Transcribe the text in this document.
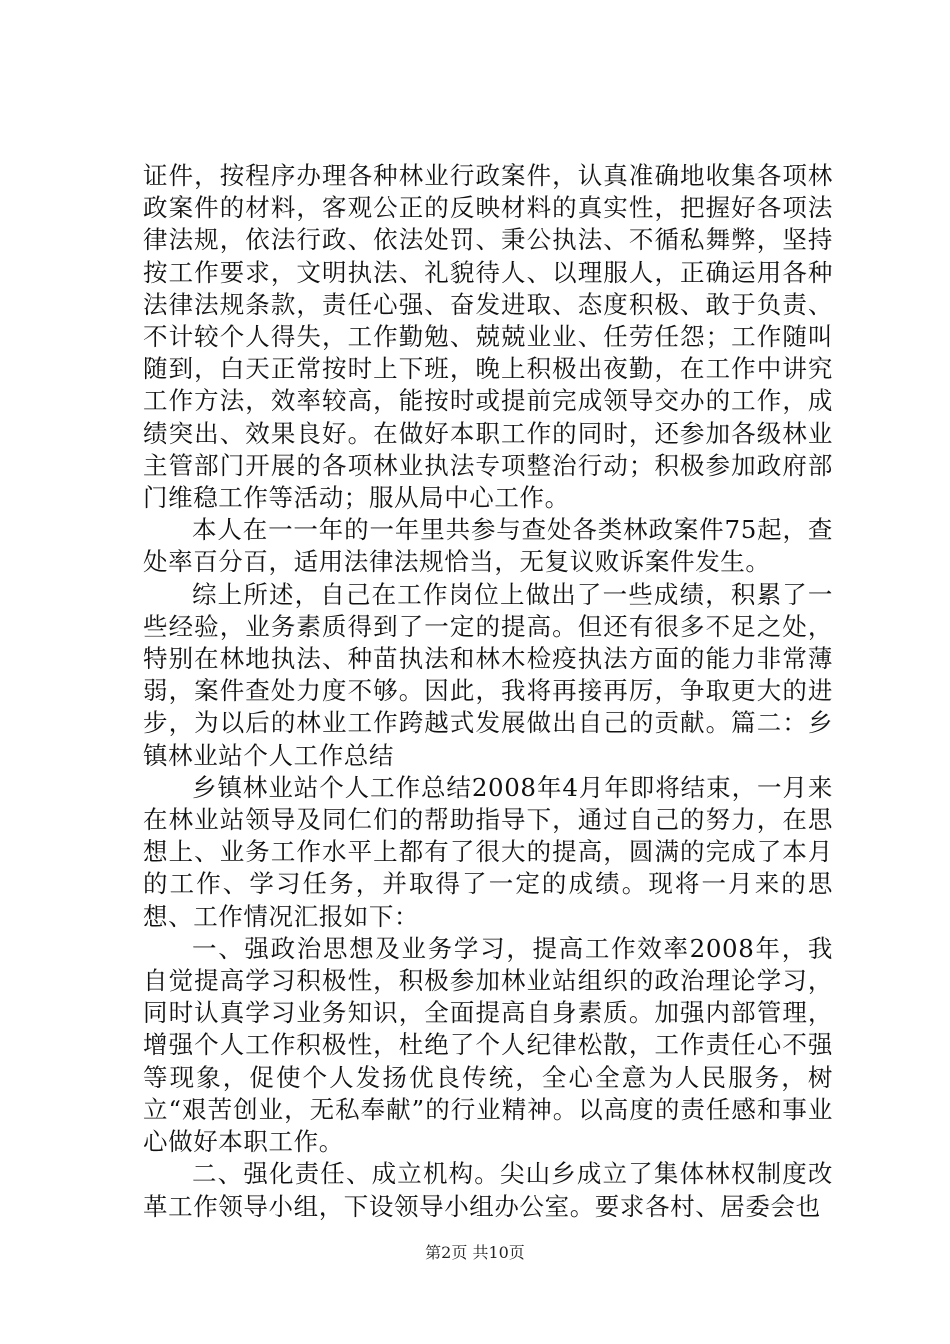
证件，按程序办理各种林业行政案件，认真准确地收集各项林政案件的材料，客观公正的反映材料的真实性，把握好各项法律法规，依法行政、依法处罚、秉公执法、不循私舞弊，坚持按工作要求，文明执法、礼貌待人、以理服人，正确运用各种法律法规条款，责任心强、奋发进取、态度积极、敢于负责、不计较个人得失，工作勤勉、兢兢业业、任劳任怨；工作随叫随到，白天正常按时上下班，晚上积极出夜勤，在工作中讲究工作方法，效率较高，能按时或提前完成领导交办的工作，成绩突出、效果良好。在做好本职工作的同时，还参加各级林业主管部门开展的各项林业执法专项整治行动；积极参加政府部门维稳工作等活动；服从局中心工作。

本人在一一年的一年里共参与查处各类林政案件75起，查处率百分百，适用法律法规恰当，无复议败诉案件发生。

综上所述，自己在工作岗位上做出了一些成绩，积累了一些经验，业务素质得到了一定的提高。但还有很多不足之处，特别在林地执法、种苗执法和林木检疫执法方面的能力非常薄弱，案件查处力度不够。因此，我将再接再厉，争取更大的进步，为以后的林业工作跨越式发展做出自己的贡献。篇二：乡镇林业站个人工作总结

乡镇林业站个人工作总结2008年4月年即将结束，一月来在林业站领导及同仁们的帮助指导下，通过自己的努力，在思想上、业务工作水平上都有了很大的提高，圆满的完成了本月的工作、学习任务，并取得了一定的成绩。现将一月来的思想、工作情况汇报如下：

一、强政治思想及业务学习，提高工作效率2008年，我自觉提高学习积极性，积极参加林业站组织的政治理论学习，同时认真学习业务知识，全面提高自身素质。加强内部管理，增强个人工作积极性，杜绝了个人纪律松散，工作责任心不强等现象，促使个人发扬优良传统，全心全意为人民服务，树立“艰苦创业，无私奉献”的行业精神。以高度的责任感和事业心做好本职工作。

二、强化责任、成立机构。尖山乡成立了集体林权制度改革工作领导小组，下设领导小组办公室。要求各村、居委会也

第2页 共10页
